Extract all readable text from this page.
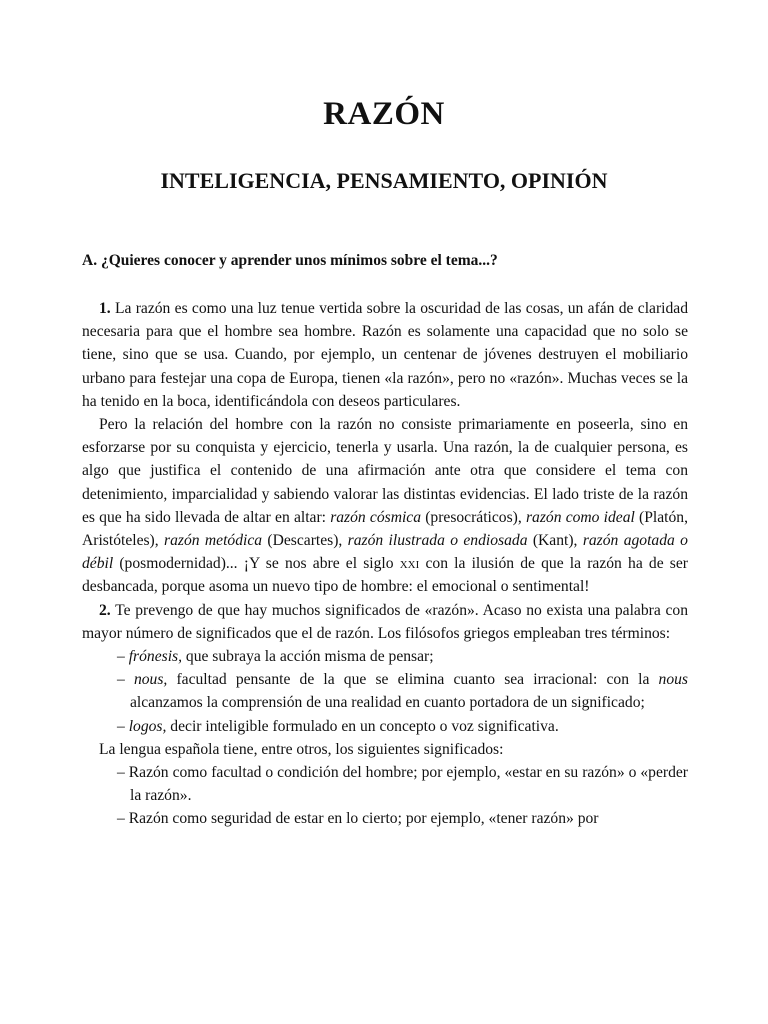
RAZÓN
INTELIGENCIA, PENSAMIENTO, OPINIÓN
A. ¿Quieres conocer y aprender unos mínimos sobre el tema...?

1. La razón es como una luz tenue vertida sobre la oscuridad de las cosas, un afán de claridad necesaria para que el hombre sea hombre. Razón es solamente una capacidad que no solo se tiene, sino que se usa. Cuando, por ejemplo, un centenar de jóvenes destruyen el mobiliario urbano para festejar una copa de Europa, tienen «la razón», pero no «razón». Muchas veces se la ha tenido en la boca, identificándola con deseos particulares.

Pero la relación del hombre con la razón no consiste primariamente en poseerla, sino en esforzarse por su conquista y ejercicio, tenerla y usarla. Una razón, la de cualquier persona, es algo que justifica el contenido de una afirmación ante otra que considere el tema con detenimiento, imparcialidad y sabiendo valorar las distintas evidencias. El lado triste de la razón es que ha sido llevada de altar en altar: razón cósmica (presocráticos), razón como ideal (Platón, Aristóteles), razón metódica (Descartes), razón ilustrada o endiosada (Kant), razón agotada o débil (posmodernidad)... ¡Y se nos abre el siglo xxi con la ilusión de que la razón ha de ser desbancada, porque asoma un nuevo tipo de hombre: el emocional o sentimental!

2. Te prevengo de que hay muchos significados de «razón». Acaso no exista una palabra con mayor número de significados que el de razón. Los filósofos griegos empleaban tres términos:

– frónesis, que subraya la acción misma de pensar;
– nous, facultad pensante de la que se elimina cuanto sea irracional: con la nous alcanzamos la comprensión de una realidad en cuanto portadora de un significado;
– logos, decir inteligible formulado en un concepto o voz significativa.

La lengua española tiene, entre otros, los siguientes significados:

– Razón como facultad o condición del hombre; por ejemplo, «estar en su razón» o «perder la razón».
– Razón como seguridad de estar en lo cierto; por ejemplo, «tener razón» por
